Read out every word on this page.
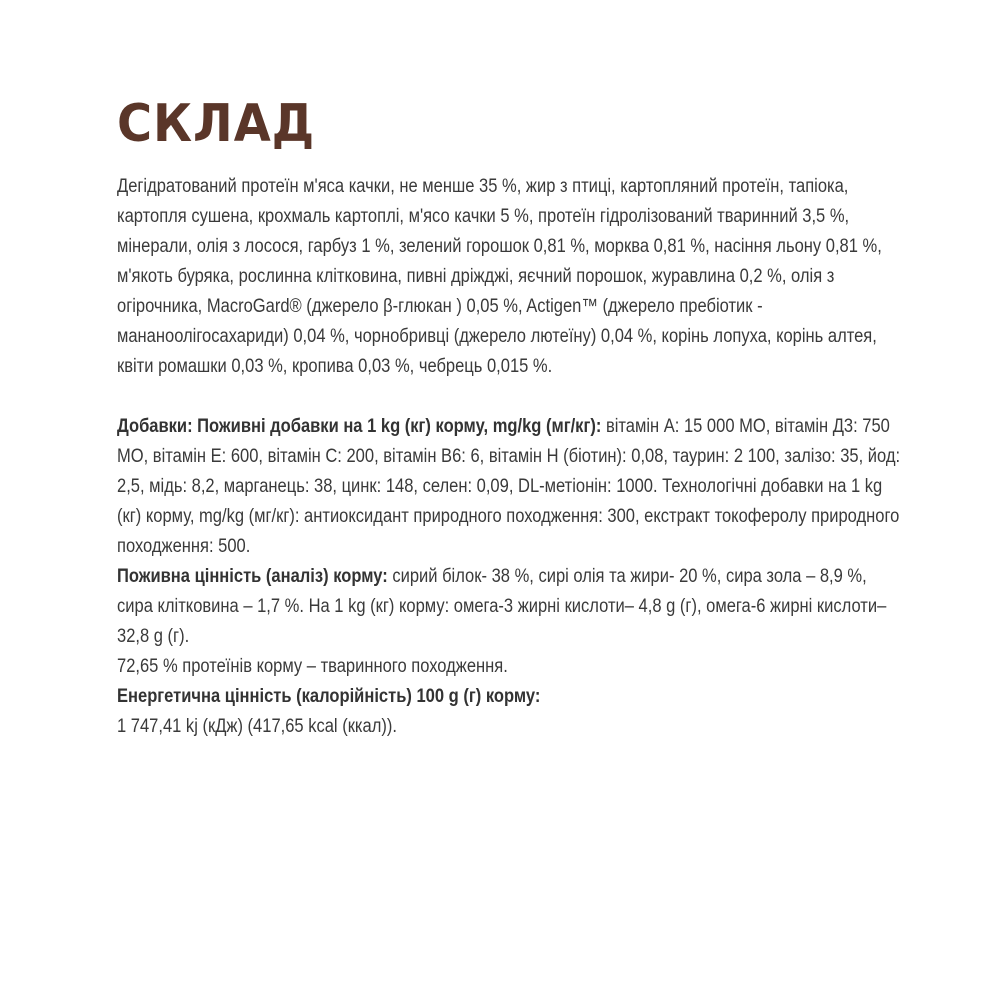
СКЛАД

Дегідратований протеїн м'яса качки, не менше 35 %, жир з птиці, картопляний протеїн, тапіока, картопля сушена, крохмаль картоплі, м'ясо качки 5 %, протеїн гідролізований тваринний 3,5 %, мінерали, олія з лосося, гарбуз 1 %, зелений горошок 0,81 %, морква 0,81 %, насіння льону 0,81 %, м'якоть буряка, рослинна клітковина, пивні дріжджі, яєчний порошок, журавлина 0,2 %, олія з огірочника, MacroGard® (джерело β-глюкан ) 0,05 %, Actigen™ (джерело пребіотик - мананоолігосахариди) 0,04 %, чорнобривці (джерело лютеїну) 0,04 %, корінь лопуха, корінь алтея, квіти ромашки 0,03 %, кропива 0,03 %, чебрець 0,015 %.

Добавки: Поживні добавки на 1 kg (кг) корму, mg/kg (мг/кг): вітамін А: 15 000 МО, вітамін Д3: 750 МО, вітамін Е: 600, вітамін С: 200, вітамін В6: 6, вітамін Н (біотин): 0,08, таурин: 2 100, залізо: 35, йод: 2,5, мідь: 8,2, марганець: 38, цинк: 148, селен: 0,09, DL-метіонін: 1000. Технологічні добавки на 1 kg (кг) корму, mg/kg (мг/кг): антиоксидант природного походження: 300, екстракт токоферолу природного походження: 500.

Поживна цінність (аналіз) корму: сирий білок- 38 %, сирі олія та жири- 20 %, сира зола – 8,9 %, сира клітковина – 1,7 %. На 1 kg (кг) корму: омега-3 жирні кислоти– 4,8 g (г), омега-6 жирні кислоти– 32,8 g (г).

72,65 % протеїнів корму – тваринного походження.

Енергетична цінність (калорійність) 100 g (г) корму:
1 747,41 kj (кДж) (417,65 kcal (ккал)).
